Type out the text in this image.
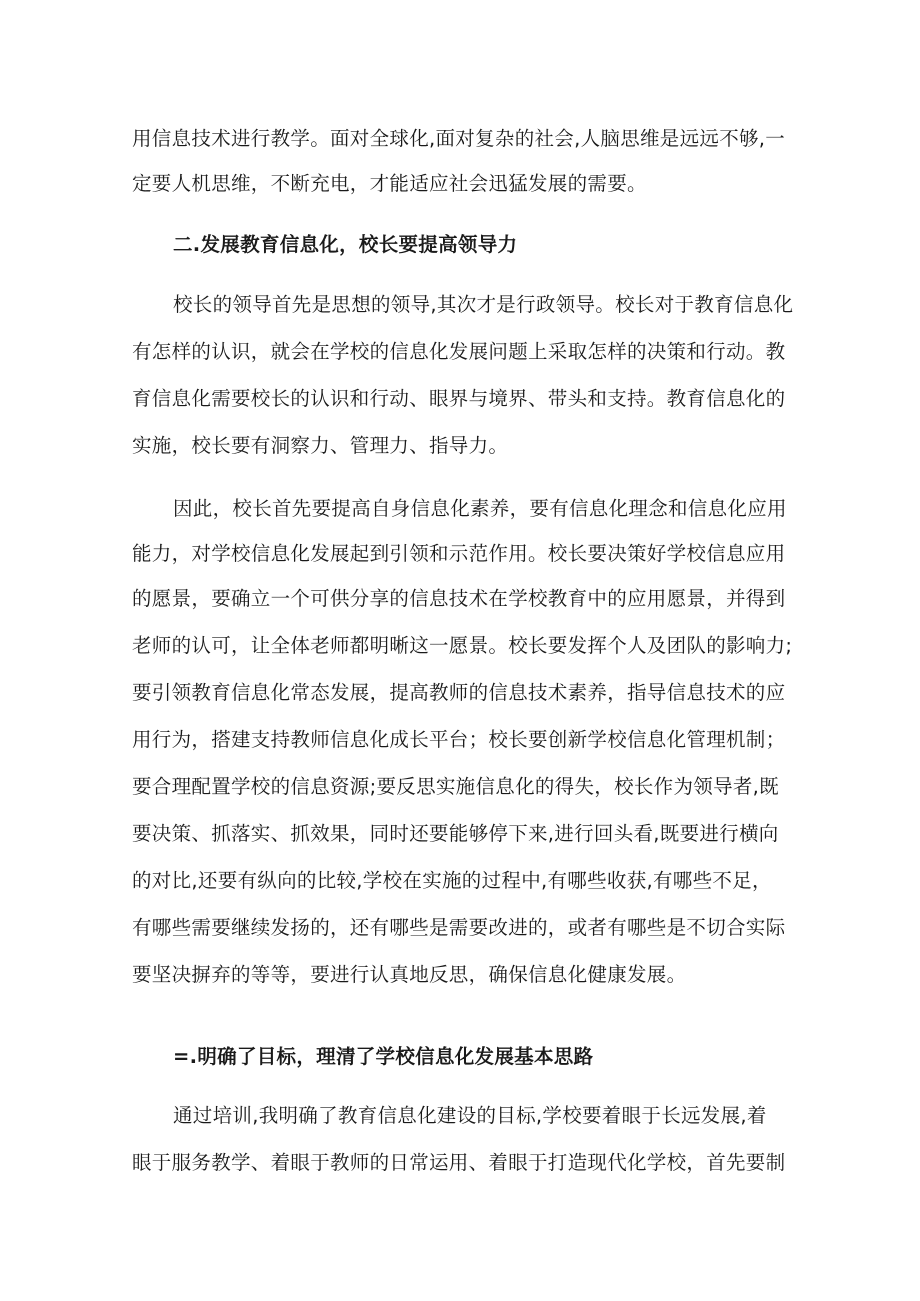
用信息技术进行教学。面对全球化,面对复杂的社会,人脑思维是远远不够,一
定要人机思维，不断充电，才能适应社会迅猛发展的需要。
二.发展教育信息化，校长要提高领导力
校长的领导首先是思想的领导,其次才是行政领导。校长对于教育信息化
有怎样的认识，就会在学校的信息化发展问题上采取怎样的决策和行动。教
育信息化需要校长的认识和行动、眼界与境界、带头和支持。教育信息化的
实施，校长要有洞察力、管理力、指导力。
因此，校长首先要提高自身信息化素养，要有信息化理念和信息化应用
能力，对学校信息化发展起到引领和示范作用。校长要决策好学校信息应用
的愿景，要确立一个可供分享的信息技术在学校教育中的应用愿景，并得到
老师的认可，让全体老师都明晰这一愿景。校长要发挥个人及团队的影响力;
要引领教育信息化常态发展，提高教师的信息技术素养，指导信息技术的应
用行为，搭建支持教师信息化成长平台；校长要创新学校信息化管理机制；
要合理配置学校的信息资源;要反思实施信息化的得失，校长作为领导者,既
要决策、抓落实、抓效果，同时还要能够停下来,进行回头看,既要进行横向
的对比,还要有纵向的比较,学校在实施的过程中,有哪些收获,有哪些不足，
有哪些需要继续发扬的，还有哪些是需要改进的，或者有哪些是不切合实际
要坚决摒弃的等等，要进行认真地反思，确保信息化健康发展。
=.明确了目标，理清了学校信息化发展基本思路
通过培训,我明确了教育信息化建设的目标,学校要着眼于长远发展,着
眼于服务教学、着眼于教师的日常运用、着眼于打造现代化学校，首先要制
